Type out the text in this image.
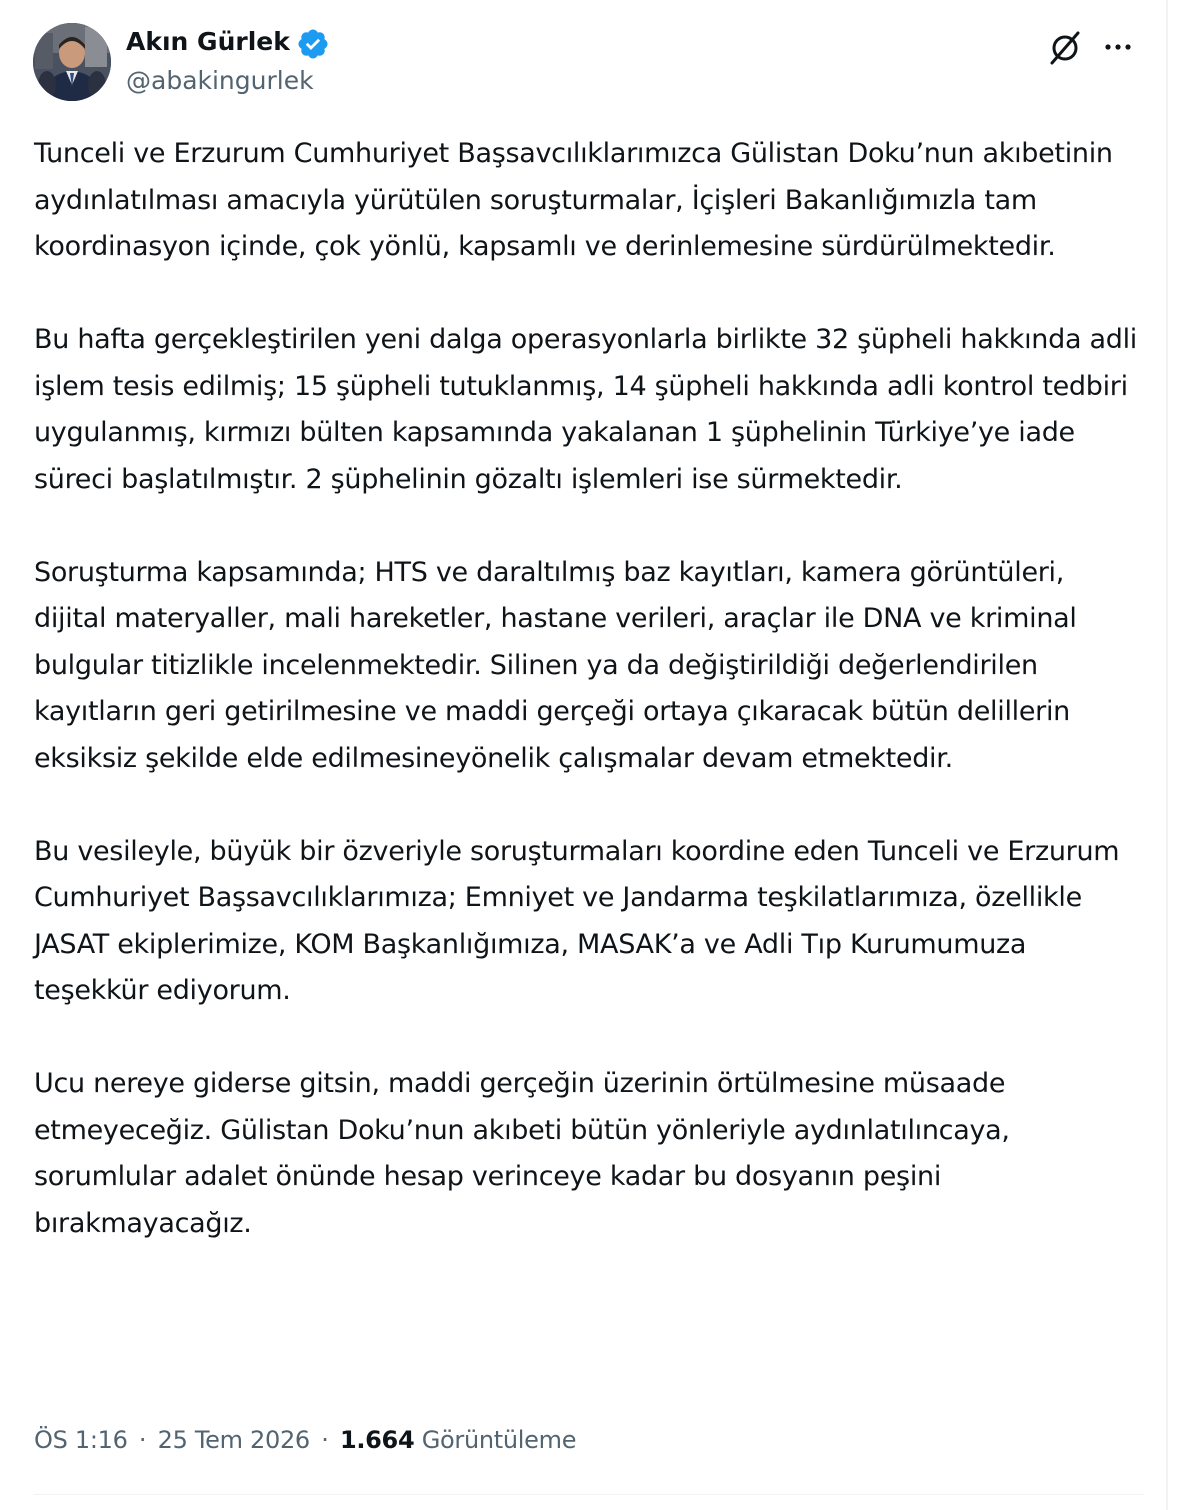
Akın Gürlek
@abakingurlek

Tunceli ve Erzurum Cumhuriyet Başsavcılıklarımızca Gülistan Doku’nun akıbetinin aydınlatılması amacıyla yürütülen soruşturmalar, İçişleri Bakanlığımızla tam koordinasyon içinde, çok yönlü, kapsamlı ve derinlemesine sürdürülmektedir.

Bu hafta gerçekleştirilen yeni dalga operasyonlarla birlikte 32 şüpheli hakkında adli işlem tesis edilmiş; 15 şüpheli tutuklanmış, 14 şüpheli hakkında adli kontrol tedbiri uygulanmış, kırmızı bülten kapsamında yakalanan 1 şüphelinin Türkiye’ye iade süreci başlatılmıştır. 2 şüphelinin gözaltı işlemleri ise sürmektedir.

Soruşturma kapsamında; HTS ve daraltılmış baz kayıtları, kamera görüntüleri, dijital materyaller, mali hareketler, hastane verileri, araçlar ile DNA ve kriminal bulgular titizlikle incelenmektedir. Silinen ya da değiştirildiği değerlendirilen kayıtların geri getirilmesine ve maddi gerçeği ortaya çıkaracak bütün delillerin eksiksiz şekilde elde edilmesineyönelik çalışmalar devam etmektedir.

Bu vesileyle, büyük bir özveriyle soruşturmaları koordine eden Tunceli ve Erzurum Cumhuriyet Başsavcılıklarımıza; Emniyet ve Jandarma teşkilatlarımıza, özellikle JASAT ekiplerimize, KOM Başkanlığımıza, MASAK’a ve Adli Tıp Kurumumuza teşekkür ediyorum.

Ucu nereye giderse gitsin, maddi gerçeğin üzerinin örtülmesine müsaade etmeyeceğiz. Gülistan Doku’nun akıbeti bütün yönleriyle aydınlatılıncaya, sorumlular adalet önünde hesap verinceye kadar bu dosyanın peşini bırakmayacağız.

ÖS 1:16 · 25 Tem 2026 · 1.664 Görüntüleme
